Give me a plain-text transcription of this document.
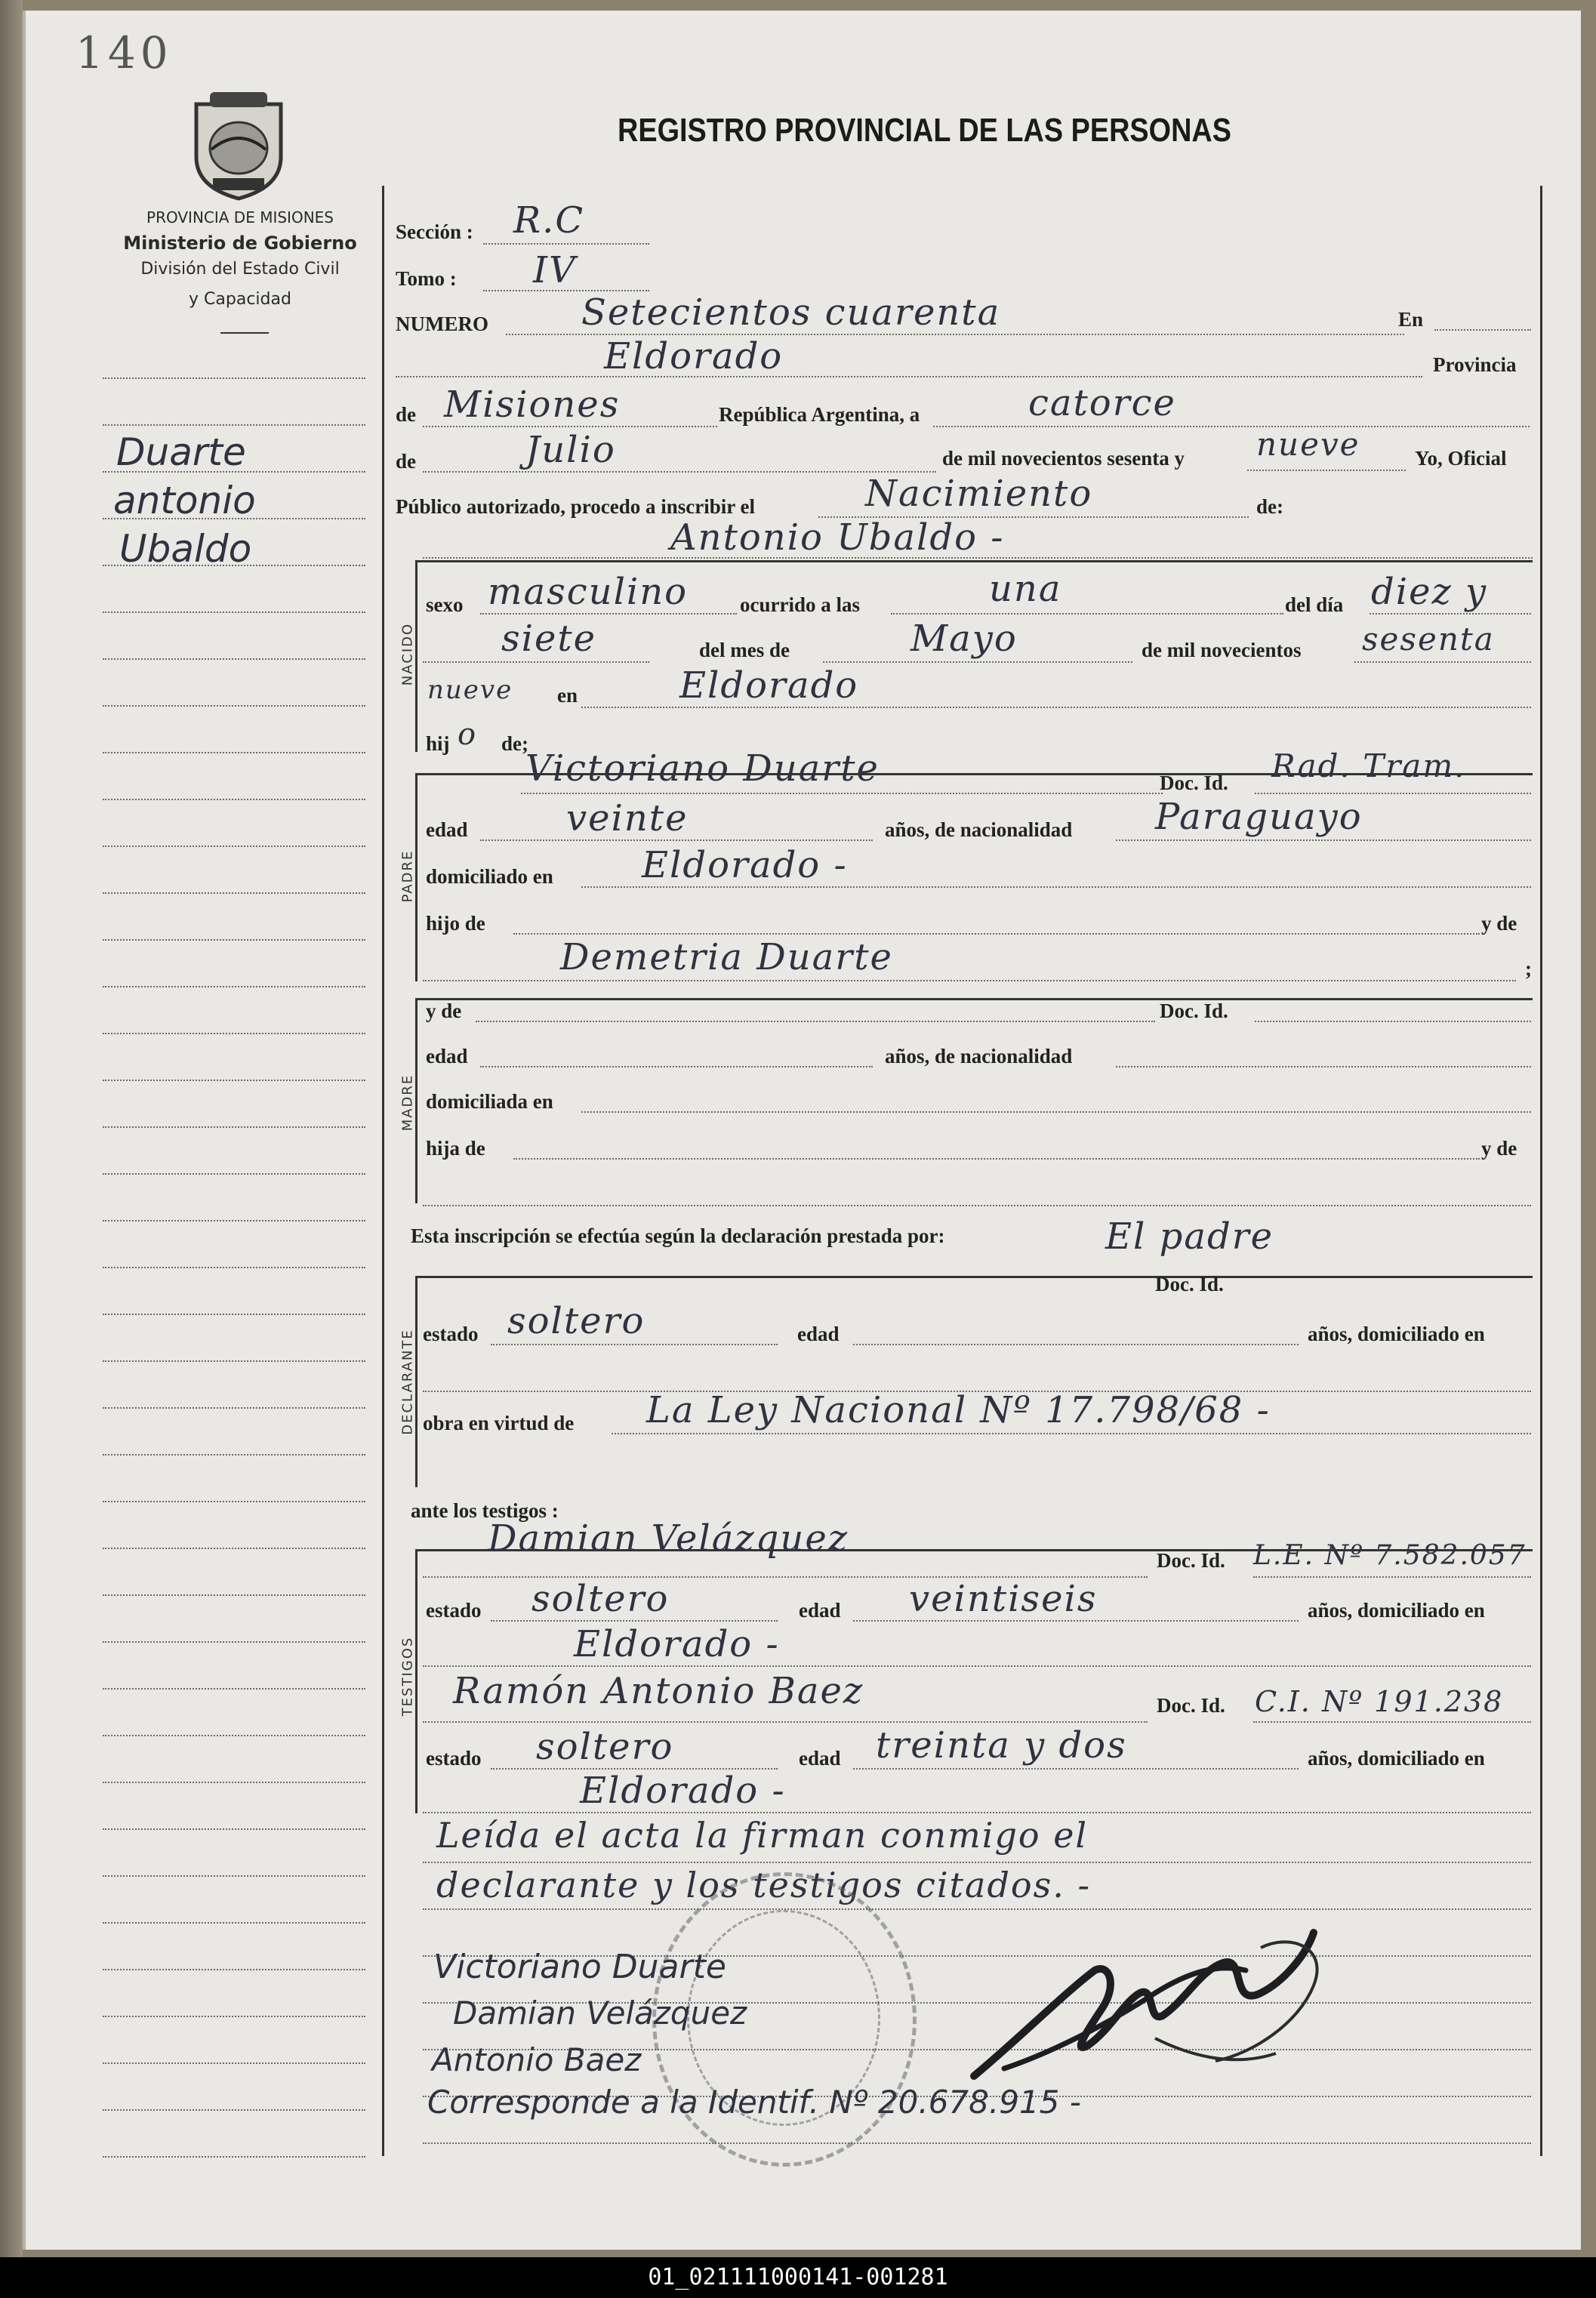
140
PROVINCIA DE MISIONES
Ministerio de Gobierno
División del Estado Civil
y Capacidad
REGISTRO PROVINCIAL DE LAS PERSONAS
Duarte
antonio
Ubaldo
NACIDO
PADRE
MADRE
DECLARANTE
TESTIGOS
Sección : R.C
Tomo : IV
NUMERO	Setecientos cuarenta	En
Eldorado	Provincia
de Misiones	República Argentina, a	catorce
de	Julio	de mil novecientos sesenta y nueve	Yo, Oficial
Público autorizado, procedo a inscribir el	Nacimiento	de:
Antonio Ubaldo -
sexo masculino	ocurrido a las	una	del día diez y
siete	del mes de	Mayo	de mil novecientos sesenta
nueve en	Eldorado
hij o de;
Victoriano Duarte	Doc. Id. Rad. Tram.
edad	veinte	años, de nacionalidad Paraguayo
domiciliado en Eldorado -
hijo de	y de
Demetria Duarte	;
y de	Doc. Id.
edad	años, de nacionalidad
domiciliada en
hija de	y de
Esta inscripción se efectúa según la declaración prestada por:	El padre
Doc. Id.
estado soltero	edad	años, domiciliado en
obra en virtud de La Ley Nacional Nº 17.798/68 -
ante los testigos :
Damian Velázquez
Doc. Id. L.E. Nº 7.582.057
estado soltero	edad veintiseis	años, domiciliado en
Eldorado -
Ramón Antonio Baez	Doc. Id. C.I. Nº 191.238
estado soltero	edad treinta y dos	años, domiciliado en
Eldorado -
Leída el acta la firman conmigo el
declarante y los testigos citados. -
Victoriano Duarte
Damian Velázquez
Antonio Baez
Corresponde a la Identif. Nº 20.678.915 -
01_021111000141-001281
